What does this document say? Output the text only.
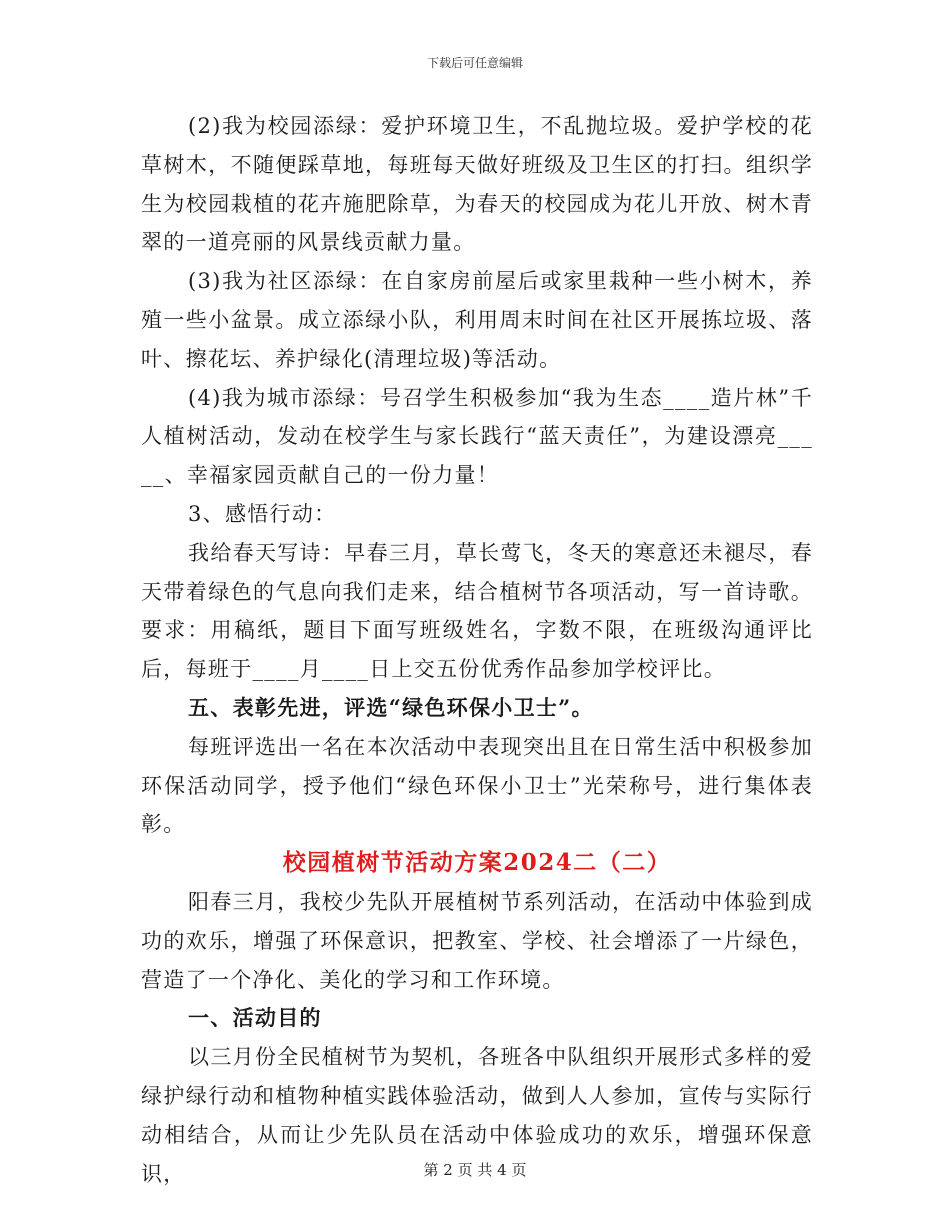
下载后可任意编辑

(2)我为校园添绿：爱护环境卫生，不乱抛垃圾。爱护学校的花草树木，不随便踩草地，每班每天做好班级及卫生区的打扫。组织学生为校园栽植的花卉施肥除草，为春天的校园成为花儿开放、树木青翠的一道亮丽的风景线贡献力量。

(3)我为社区添绿：在自家房前屋后或家里栽种一些小树木，养殖一些小盆景。成立添绿小队，利用周末时间在社区开展拣垃圾、落叶、擦花坛、养护绿化(清理垃圾)等活动。

(4)我为城市添绿：号召学生积极参加“我为生态____造片林”千人植树活动，发动在校学生与家长践行“蓝天责任”，为建设漂亮_____、幸福家园贡献自己的一份力量！

3、感悟行动：

我给春天写诗：早春三月，草长莺飞，冬天的寒意还未褪尽，春天带着绿色的气息向我们走来，结合植树节各项活动，写一首诗歌。要求：用稿纸，题目下面写班级姓名，字数不限，在班级沟通评比后，每班于____月____日上交五份优秀作品参加学校评比。

五、表彰先进，评选“绿色环保小卫士”。

每班评选出一名在本次活动中表现突出且在日常生活中积极参加环保活动同学，授予他们“绿色环保小卫士”光荣称号，进行集体表彰。

校园植树节活动方案2024二（二）

阳春三月，我校少先队开展植树节系列活动，在活动中体验到成功的欢乐，增强了环保意识，把教室、学校、社会增添了一片绿色，营造了一个净化、美化的学习和工作环境。

一、活动目的

以三月份全民植树节为契机，各班各中队组织开展形式多样的爱绿护绿行动和植物种植实践体验活动，做到人人参加，宣传与实际行动相结合，从而让少先队员在活动中体验成功的欢乐，增强环保意识，	第 2 页 共 4 页
